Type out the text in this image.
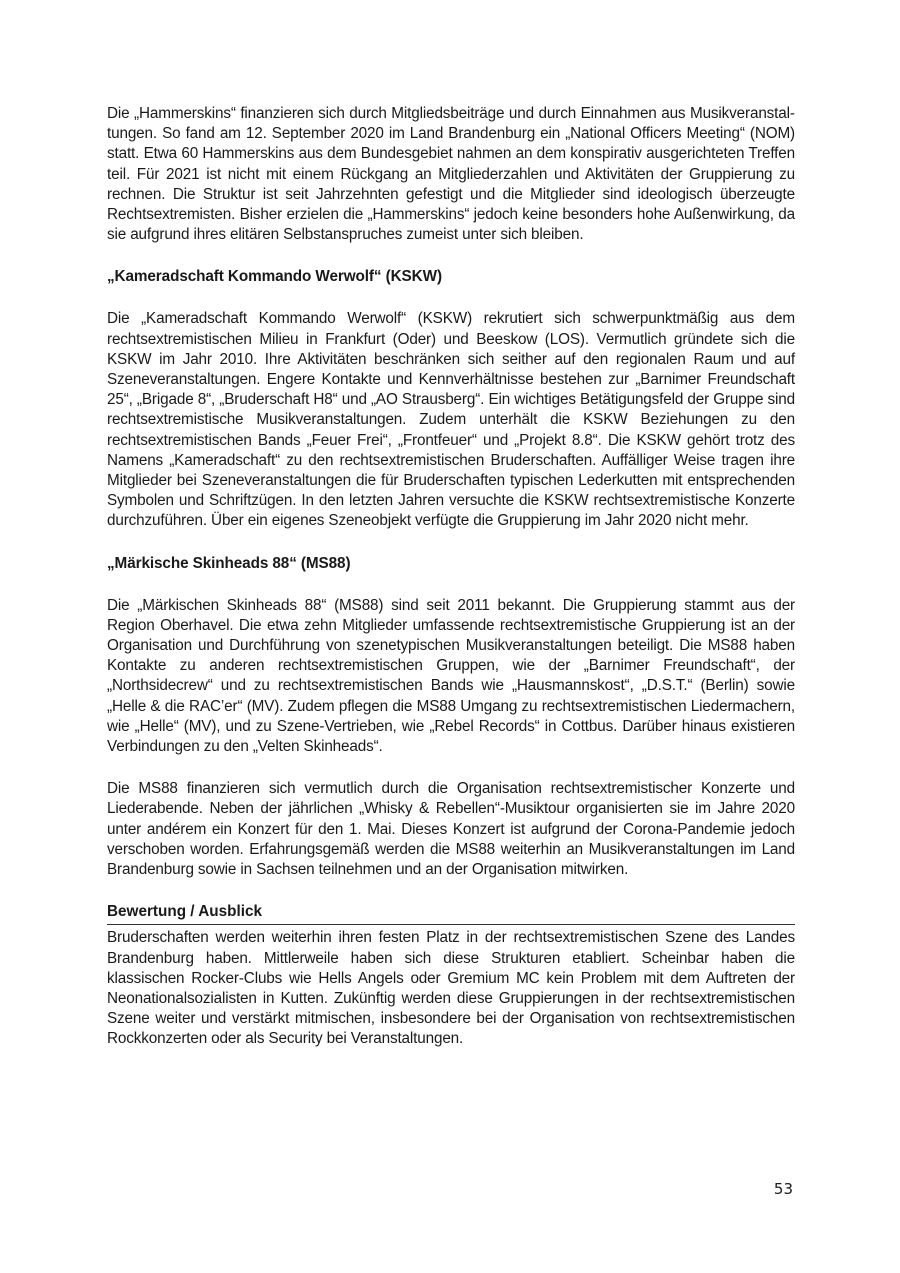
Die „Hammerskins“ finanzieren sich durch Mitgliedsbeiträge und durch Einnahmen aus Musikveranstaltungen. So fand am 12. September 2020 im Land Brandenburg ein „National Officers Meeting“ (NOM) statt. Etwa 60 Hammerskins aus dem Bundesgebiet nahmen an dem konspirativ ausgerichteten Treffen teil. Für 2021 ist nicht mit einem Rückgang an Mitgliederzahlen und Aktivitäten der Gruppierung zu rechnen. Die Struktur ist seit Jahrzehnten gefestigt und die Mitglieder sind ideologisch überzeugte Rechtsextremisten. Bisher erzielen die „Hammerskins“ jedoch keine besonders hohe Außenwirkung, da sie aufgrund ihres elitären Selbstanspruches zumeist unter sich bleiben.

„Kameradschaft Kommando Werwolf“ (KSKW)

Die „Kameradschaft Kommando Werwolf“ (KSKW) rekrutiert sich schwerpunktmäßig aus dem rechtsextremistischen Milieu in Frankfurt (Oder) und Beeskow (LOS). Vermutlich gründete sich die KSKW im Jahr 2010. Ihre Aktivitäten beschränken sich seither auf den regionalen Raum und auf Szeneveranstaltungen. Engere Kontakte und Kennverhältnisse bestehen zur „Barnimer Freundschaft 25“, „Brigade 8“, „Bruderschaft H8“ und „AO Strausberg“. Ein wichtiges Betätigungsfeld der Gruppe sind rechtsextremistische Musikveranstaltungen. Zudem unterhält die KSKW Beziehungen zu den rechtsextremistischen Bands „Feuer Frei“, „Frontfeuer“ und „Projekt 8.8“. Die KSKW gehört trotz des Namens „Kameradschaft“ zu den rechtsextremistischen Bruderschaften. Auffälliger Weise tragen ihre Mitglieder bei Szeneveranstaltungen die für Bruderschaften typischen Lederkutten mit entsprechenden Symbolen und Schriftzügen. In den letzten Jahren versuchte die KSKW rechtsextremistische Konzerte durchzuführen. Über ein eigenes Szeneobjekt verfügte die Gruppierung im Jahr 2020 nicht mehr.

„Märkische Skinheads 88“ (MS88)

Die „Märkischen Skinheads 88“ (MS88) sind seit 2011 bekannt. Die Gruppierung stammt aus der Region Oberhavel. Die etwa zehn Mitglieder umfassende rechtsextremistische Gruppierung ist an der Organisation und Durchführung von szenetypischen Musikveranstaltungen beteiligt. Die MS88 haben Kontakte zu anderen rechtsextremistischen Gruppen, wie der „Barnimer Freundschaft“, der „Northsidecrew“ und zu rechtsextremistischen Bands wie „Hausmannskost“, „D.S.T.“ (Berlin) sowie „Helle & die RAC’er“ (MV). Zudem pflegen die MS88 Umgang zu rechtsextremistischen Liedermachern, wie „Helle“ (MV), und zu Szene-Vertrieben, wie „Rebel Records“ in Cottbus. Darüber hinaus existieren Verbindungen zu den „Velten Skinheads“.

Die MS88 finanzieren sich vermutlich durch die Organisation rechtsextremistischer Konzerte und Liederabende. Neben der jährlichen „Whisky & Rebellen“-Musiktour organisierten sie im Jahre 2020 unter andérem ein Konzert für den 1. Mai. Dieses Konzert ist aufgrund der Corona-Pandemie jedoch verschoben worden. Erfahrungsgemäß werden die MS88 weiterhin an Musikveranstaltungen im Land Brandenburg sowie in Sachsen teilnehmen und an der Organisation mitwirken.

Bewertung / Ausblick

Bruderschaften werden weiterhin ihren festen Platz in der rechtsextremistischen Szene des Landes Brandenburg haben. Mittlerweile haben sich diese Strukturen etabliert. Scheinbar haben die klassischen Rocker-Clubs wie Hells Angels oder Gremium MC kein Problem mit dem Auftreten der Neonationalsozialisten in Kutten. Zukünftig werden diese Gruppierungen in der rechtsextremistischen Szene weiter und verstärkt mitmischen, insbesondere bei der Organisation von rechtsextremistischen Rockkonzerten oder als Security bei Veranstaltungen.

53
